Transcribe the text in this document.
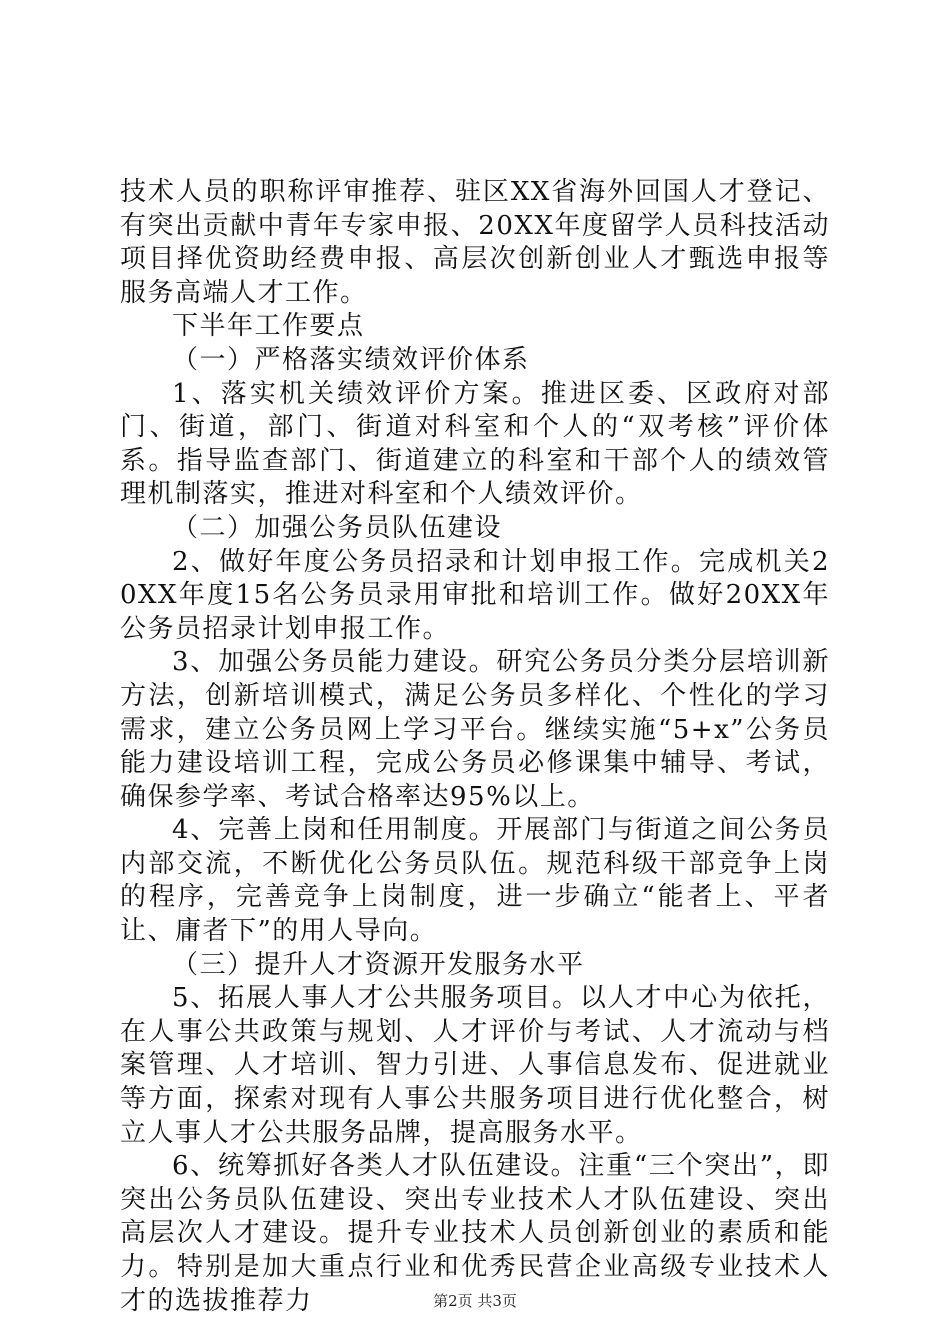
技术人员的职称评审推荐、驻区XX省海外回国人才登记、有突出贡献中青年专家申报、20XX年度留学人员科技活动项目择优资助经费申报、高层次创新创业人才甄选申报等服务高端人才工作。

下半年工作要点

（一）严格落实绩效评价体系

1、落实机关绩效评价方案。推进区委、区政府对部门、街道，部门、街道对科室和个人的“双考核”评价体系。指导监查部门、街道建立的科室和干部个人的绩效管理机制落实，推进对科室和个人绩效评价。

（二）加强公务员队伍建设

2、做好年度公务员招录和计划申报工作。完成机关20XX年度15名公务员录用审批和培训工作。做好20XX年公务员招录计划申报工作。

3、加强公务员能力建设。研究公务员分类分层培训新方法，创新培训模式，满足公务员多样化、个性化的学习需求，建立公务员网上学习平台。继续实施“5+x”公务员能力建设培训工程，完成公务员必修课集中辅导、考试，确保参学率、考试合格率达95%以上。

4、完善上岗和任用制度。开展部门与街道之间公务员内部交流，不断优化公务员队伍。规范科级干部竞争上岗的程序，完善竞争上岗制度，进一步确立“能者上、平者让、庸者下”的用人导向。

（三）提升人才资源开发服务水平

5、拓展人事人才公共服务项目。以人才中心为依托，在人事公共政策与规划、人才评价与考试、人才流动与档案管理、人才培训、智力引进、人事信息发布、促进就业等方面，探索对现有人事公共服务项目进行优化整合，树立人事人才公共服务品牌，提高服务水平。

6、统筹抓好各类人才队伍建设。注重“三个突出”，即突出公务员队伍建设、突出专业技术人才队伍建设、突出高层次人才建设。提升专业技术人员创新创业的素质和能力。特别是加大重点行业和优秀民营企业高级专业技术人才的选拔推荐力	第2页 共3页
